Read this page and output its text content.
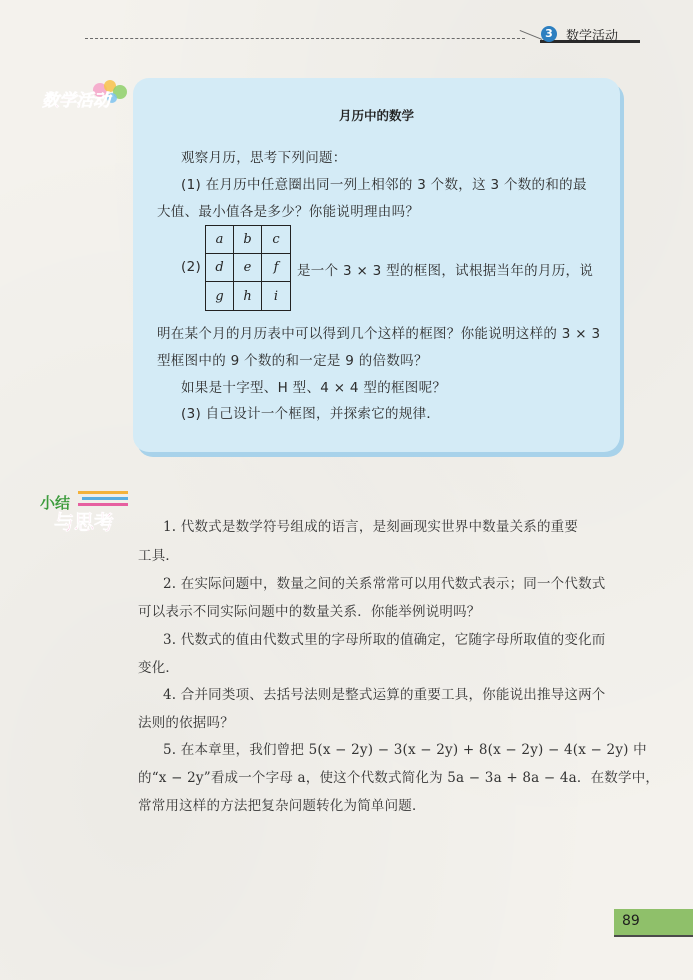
3	数学活动
数学活动
月历中的数学
观察月历，思考下列问题：
(1) 在月历中任意圈出同一列上相邻的 3 个数，这 3 个数的和的最
大值、最小值各是多少？你能说明理由吗？
(2)
a	b	c
d	e	f
g	h	i
是一个 3 × 3 型的框图，试根据当年的月历，说
明在某个月的月历表中可以得到几个这样的框图？你能说明这样的 3 × 3
型框图中的 9 个数的和一定是 9 的倍数吗？
如果是十字型、H 型、4 × 4 型的框图呢？
(3) 自己设计一个框图，并探索它的规律．
小结
与思考	1. 代数式是数学符号组成的语言，是刻画现实世界中数量关系的重要
工具．
2. 在实际问题中，数量之间的关系常常可以用代数式表示；同一个代数式
可以表示不同实际问题中的数量关系．你能举例说明吗？
3. 代数式的值由代数式里的字母所取的值确定，它随字母所取值的变化而
变化．
4. 合并同类项、去括号法则是整式运算的重要工具，你能说出推导这两个
法则的依据吗？
5. 在本章里，我们曾把 5(x − 2y) − 3(x − 2y) + 8(x − 2y) − 4(x − 2y) 中
的“x − 2y”看成一个字母 a，使这个代数式简化为 5a − 3a + 8a − 4a．在数学中，
常常用这样的方法把复杂问题转化为简单问题．
89
